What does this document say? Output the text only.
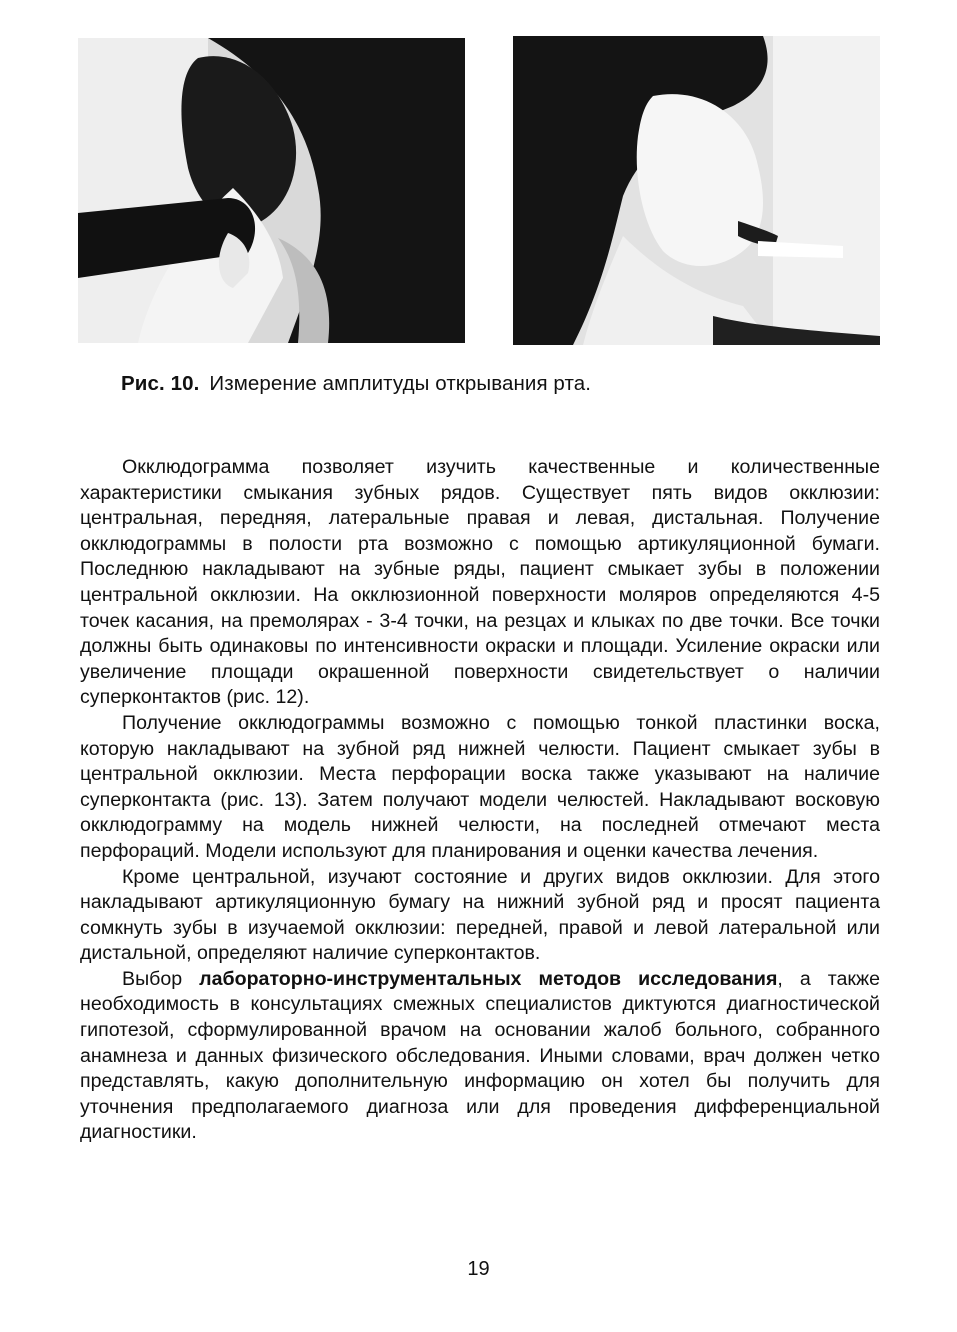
Рис. 10. Измерение амплитуды открывания рта.

Окклюдограмма позволяет изучить качественные и количественные характеристики смыкания зубных рядов. Существует пять видов окклюзии: центральная, передняя, латеральные правая и левая, дистальная. Получение окклюдограммы в полости рта возможно с помощью артикуляционной бумаги. Последнюю накладывают на зубные ряды, пациент смыкает зубы в положении центральной окклюзии. На окклюзионной поверхности моляров определяются 4-5 точек касания, на премолярах - 3-4 точки, на резцах и клыках по две точки. Все точки должны быть одинаковы по интенсивности окраски и площади. Усиление окраски или увеличение площади окрашенной поверхности свидетельствует о наличии суперконтактов (рис. 12).

Получение окклюдограммы возможно с помощью тонкой пластинки воска, которую накладывают на зубной ряд нижней челюсти. Пациент смыкает зубы в центральной окклюзии. Места перфорации воска также указывают на наличие суперконтакта (рис. 13). Затем получают модели челюстей. Накладывают восковую окклюдограмму на модель нижней челюсти, на последней отмечают места перфораций. Модели используют для планирования и оценки качества лечения.

Кроме центральной, изучают состояние и других видов окклюзии. Для этого накладывают артикуляционную бумагу на нижний зубной ряд и просят пациента сомкнуть зубы в изучаемой окклюзии: передней, правой и левой латеральной или дистальной, определяют наличие суперконтактов.

Выбор лабораторно-инструментальных методов исследования, а также необходимость в консультациях смежных специалистов диктуются диагностической гипотезой, сформулированной врачом на основании жалоб больного, собранного анамнеза и данных физического обследования. Иными словами, врач должен четко представлять, какую дополнительную информацию он хотел бы получить для уточнения предполагаемого диагноза или для проведения дифференциальной диагностики.

19
